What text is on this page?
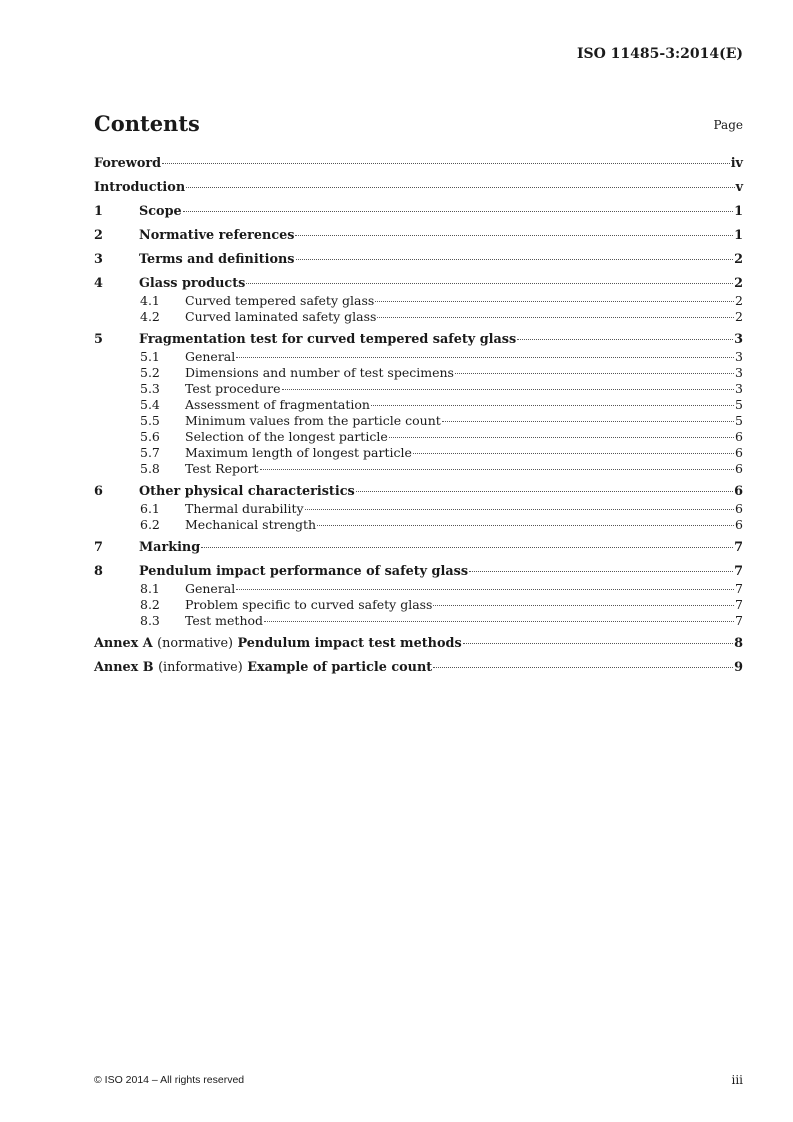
ISO 11485-3:2014(E)
Contents	Page
Foreword	iv
Introduction	v
1	Scope	1
2	Normative references	1
3	Terms and definitions	2
4	Glass products	2
4.1	Curved tempered safety glass	2
4.2	Curved laminated safety glass	2
5	Fragmentation test for curved tempered safety glass	3
5.1	General	3
5.2	Dimensions and number of test specimens	3
5.3	Test procedure	3
5.4	Assessment of fragmentation	5
5.5	Minimum values from the particle count	5
5.6	Selection of the longest particle	6
5.7	Maximum length of longest particle	6
5.8	Test Report	6
6	Other physical characteristics	6
6.1	Thermal durability	6
6.2	Mechanical strength	6
7	Marking	7
8	Pendulum impact performance of safety glass	7
8.1	General	7
8.2	Problem specific to curved safety glass	7
8.3	Test method	7
Annex A (normative) Pendulum impact test methods	8
Annex B (informative) Example of particle count	9
© ISO 2014 – All rights reserved	iii
